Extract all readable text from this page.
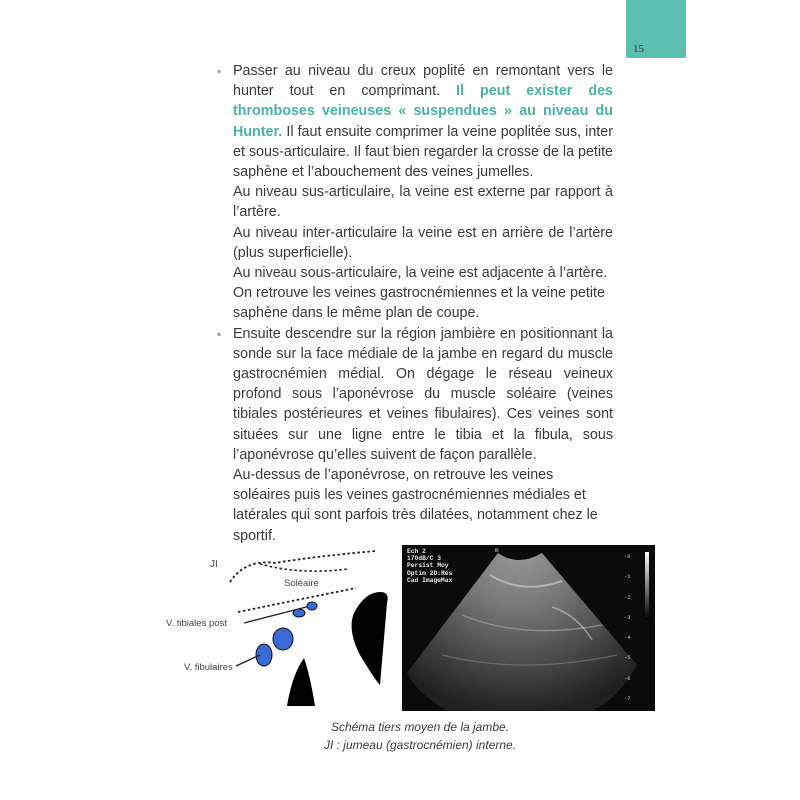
15
▪ Passer au niveau du creux poplité en remontant vers le hunter tout en comprimant. Il peut exister des thromboses veineuses « suspendues » au niveau du Hunter. Il faut ensuite comprimer la veine poplitée sus, inter et sous-articulaire. Il faut bien regarder la crosse de la petite saphène et l’abouchement des veines jumelles.

Au niveau sus-articulaire, la veine est externe par rapport à l’artère.

Au niveau inter-articulaire la veine est en arrière de l’artère (plus superficielle).

Au niveau sous-articulaire, la veine est adjacente à l’artère. On retrouve les veines gastrocnémiennes et la veine petite saphène dans le même plan de coupe.

▪ Ensuite descendre sur la région jambière en positionnant la sonde sur la face médiale de la jambe en regard du muscle gastrocnémien médial. On dégage le réseau veineux profond sous l’aponévrose du muscle soléaire (veines tibiales postérieures et veines fibulaires). Ces veines sont situées sur une ligne entre le tibia et la fibula, sous l’aponévrose qu’elles suivent de façon parallèle.

Au-dessus de l’aponévrose, on retrouve les veines soléaires puis les veines gastrocnémiennes médiales et latérales qui sont parfois très dilatées, notamment chez le sportif.

JI
Soléaire
V. tibiales post
V. fibulaires
Ech 2
170dB/C 3
Persist Moy
Optim 2D:Rés
Cad ImageMax
m
-0
-1
-2
-3
-4
-5
-6
-7
Schéma tiers moyen de la jambe.
JI : jumeau (gastrocnémien) interne.
